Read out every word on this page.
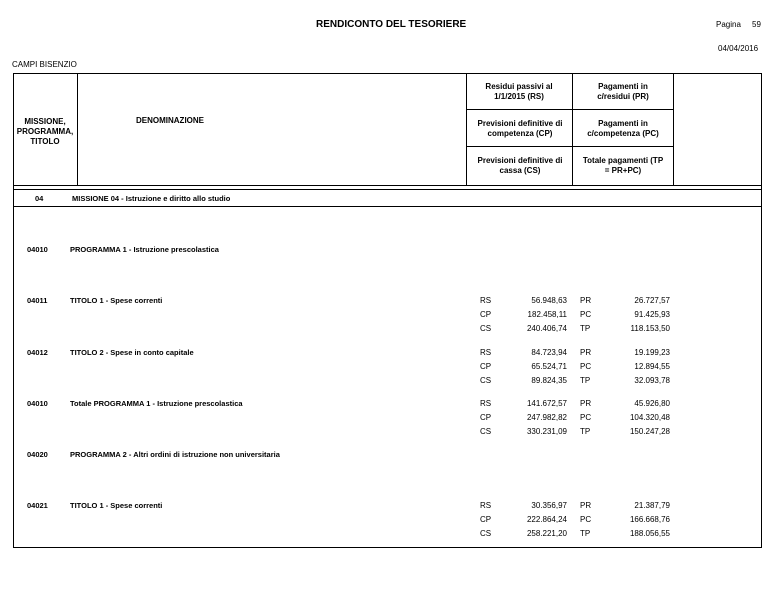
RENDICONTO DEL TESORIERE	Pagina 59
04/04/2016
CAMPI BISENZIO
MISSIONE, PROGRAMMA, TITOLO
DENOMINAZIONE
Residui passivi al 1/1/2015 (RS)
Pagamenti in c/residui (PR)
Previsioni definitive di competenza (CP)
Pagamenti in c/competenza (PC)
Previsioni definitive di cassa (CS)
Totale pagamenti (TP = PR+PC)
04	MISSIONE 04 - Istruzione e diritto allo studio
04010	PROGRAMMA 1 - Istruzione prescolastica
04011	TITOLO 1 - Spese correnti	RS	56.948,63 PR	26.727,57
CP	182.458,11 PC	91.425,93
CS	240.406,74 TP	118.153,50
04012	TITOLO 2 - Spese in conto capitale	RS	84.723,94 PR	19.199,23
CP	65.524,71 PC	12.894,55
CS	89.824,35 TP	32.093,78
04010	Totale PROGRAMMA 1 - Istruzione prescolastica	RS	141.672,57 PR	45.926,80
CP	247.982,82 PC	104.320,48
CS	330.231,09 TP	150.247,28
04020	PROGRAMMA 2 - Altri ordini di istruzione non universitaria
04021	TITOLO 1 - Spese correnti	RS	30.356,97 PR	21.387,79
CP	222.864,24 PC	166.668,76
CS	258.221,20 TP	188.056,55
